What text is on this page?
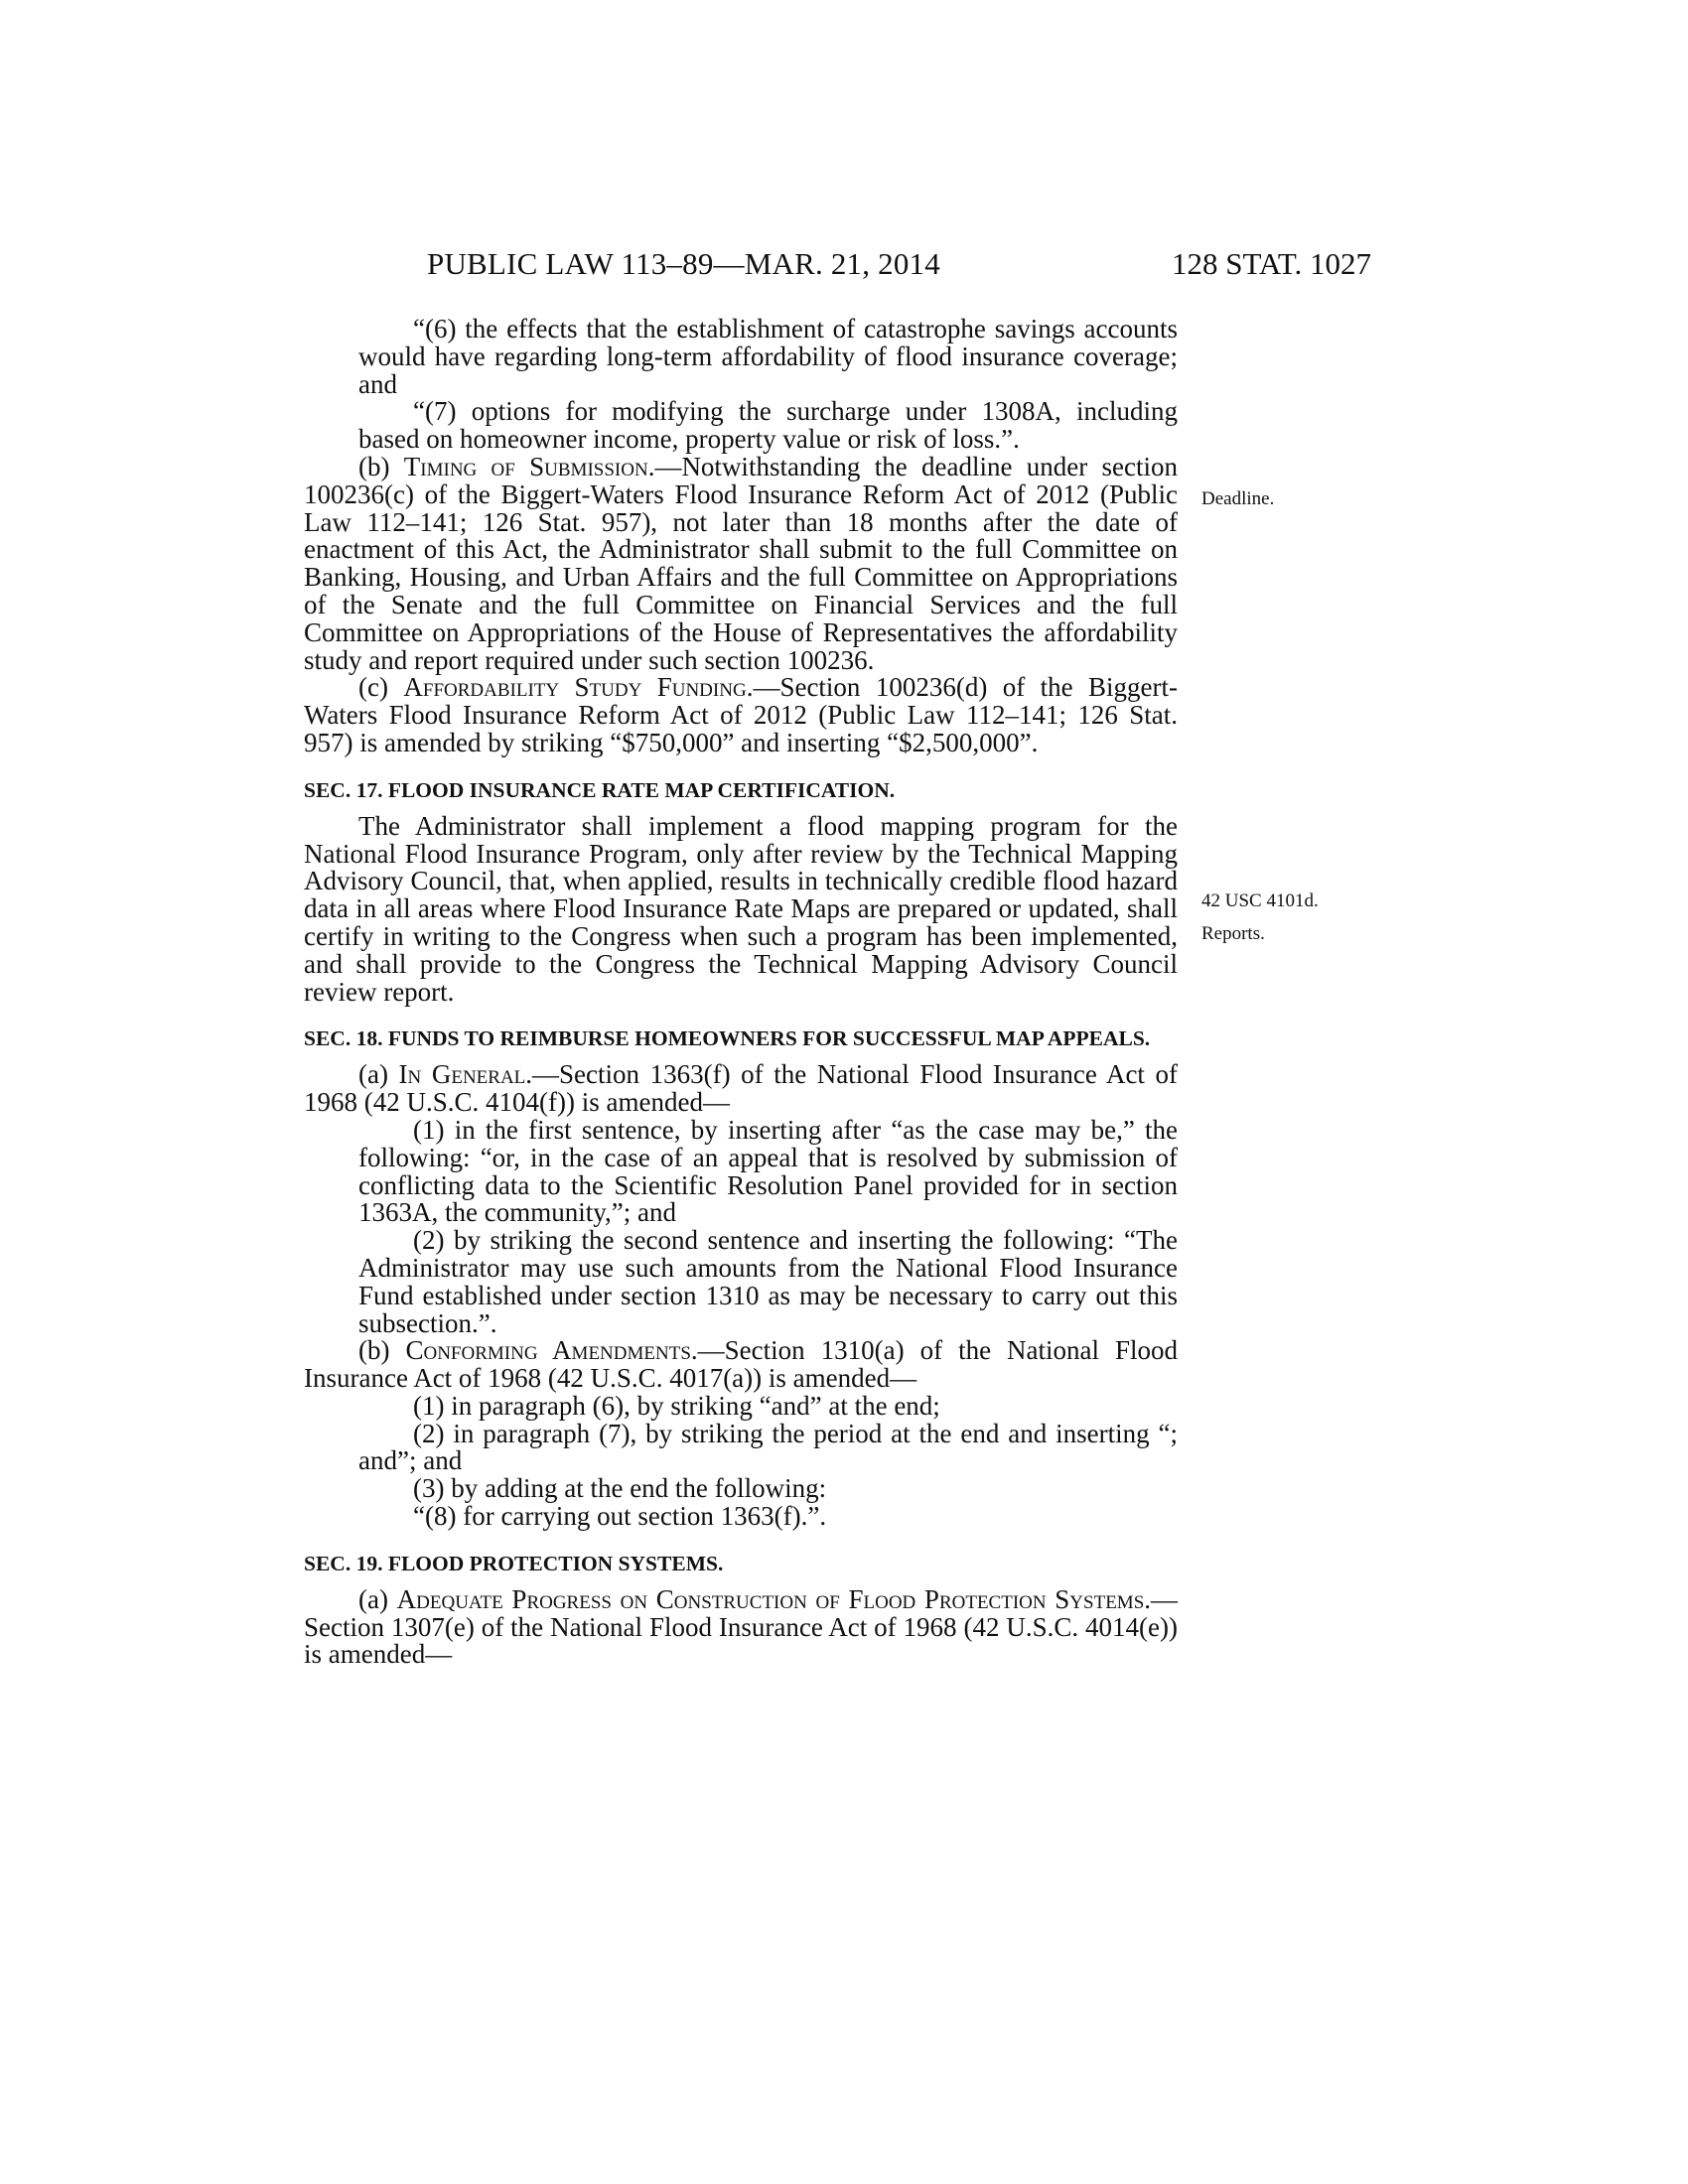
PUBLIC LAW 113–89—MAR. 21, 2014	128 STAT. 1027
Deadline.
42 USC 4101d.
Reports.

“(6) the effects that the establishment of catastrophe savings accounts would have regarding long-term affordability of flood insurance coverage; and

“(7) options for modifying the surcharge under 1308A, including based on homeowner income, property value or risk of loss.”.

(b) Timing of Submission.—Notwithstanding the deadline under section 100236(c) of the Biggert-Waters Flood Insurance Reform Act of 2012 (Public Law 112–141; 126 Stat. 957), not later than 18 months after the date of enactment of this Act, the Administrator shall submit to the full Committee on Banking, Housing, and Urban Affairs and the full Committee on Appropriations of the Senate and the full Committee on Financial Services and the full Committee on Appropriations of the House of Representatives the affordability study and report required under such section 100236.

(c) Affordability Study Funding.—Section 100236(d) of the Biggert-Waters Flood Insurance Reform Act of 2012 (Public Law 112–141; 126 Stat. 957) is amended by striking “$750,000” and inserting “$2,500,000”.

SEC. 17. FLOOD INSURANCE RATE MAP CERTIFICATION.

The Administrator shall implement a flood mapping program for the National Flood Insurance Program, only after review by the Technical Mapping Advisory Council, that, when applied, results in technically credible flood hazard data in all areas where Flood Insurance Rate Maps are prepared or updated, shall certify in writing to the Congress when such a program has been implemented, and shall provide to the Congress the Technical Mapping Advisory Council review report.

SEC. 18. FUNDS TO REIMBURSE HOMEOWNERS FOR SUCCESSFUL MAP APPEALS.

(a) In General.—Section 1363(f) of the National Flood Insurance Act of 1968 (42 U.S.C. 4104(f)) is amended—

(1) in the first sentence, by inserting after “as the case may be,” the following: “or, in the case of an appeal that is resolved by submission of conflicting data to the Scientific Resolution Panel provided for in section 1363A, the community,”; and

(2) by striking the second sentence and inserting the following: “The Administrator may use such amounts from the National Flood Insurance Fund established under section 1310 as may be necessary to carry out this subsection.”.

(b) Conforming Amendments.—Section 1310(a) of the National Flood Insurance Act of 1968 (42 U.S.C. 4017(a)) is amended—

(1) in paragraph (6), by striking “and” at the end;

(2) in paragraph (7), by striking the period at the end and inserting “; and”; and

(3) by adding at the end the following:

“(8) for carrying out section 1363(f).”.

SEC. 19. FLOOD PROTECTION SYSTEMS.

(a) Adequate Progress on Construction of Flood Protection Systems.—Section 1307(e) of the National Flood Insurance Act of 1968 (42 U.S.C. 4014(e)) is amended—
